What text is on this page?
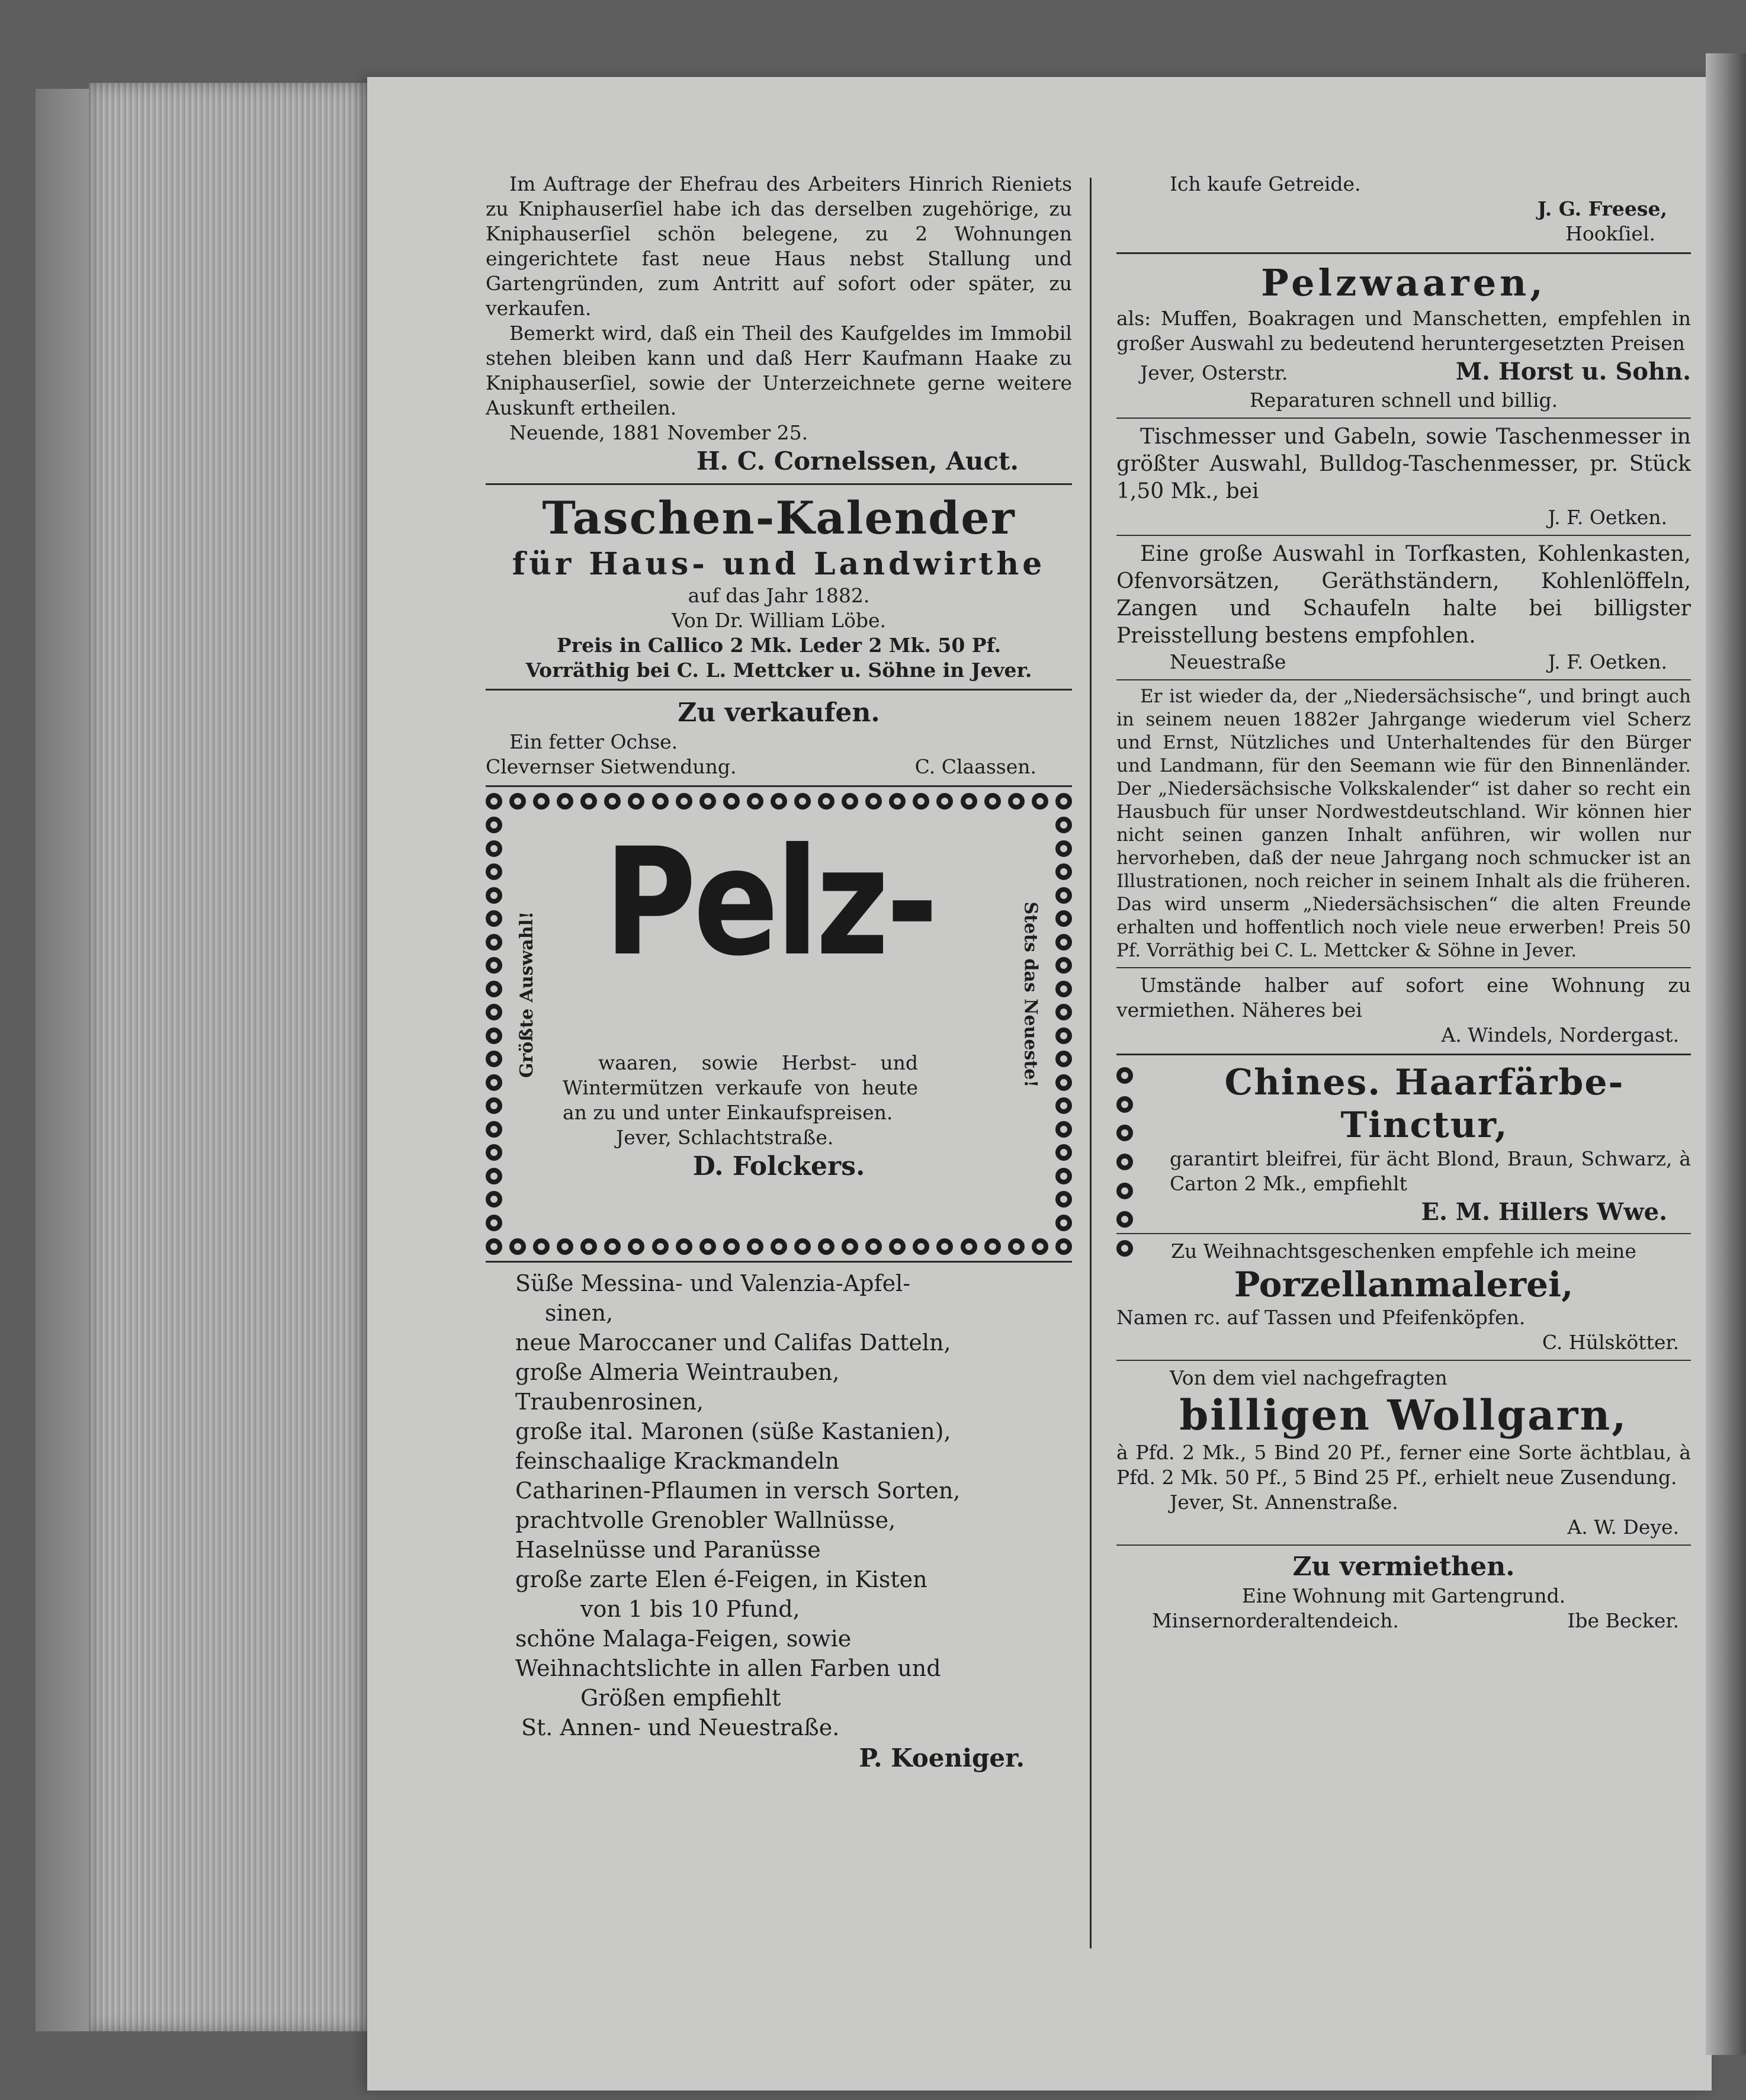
Im Auftrage der Ehefrau des Arbeiters Hinrich Rieniets zu Kniphauserſiel habe ich das derselben zugehörige, zu Kniphauserſiel schön belegene, zu 2 Wohnungen eingerichtete fast neue Haus nebst Stallung und Gartengründen, zum Antritt auf sofort oder später, zu verkaufen.

Bemerkt wird, daß ein Theil des Kaufgeldes im Immobil stehen bleiben kann und daß Herr Kaufmann Haake zu Kniphauserſiel, sowie der Unterzeichnete gerne weitere Auskunft ertheilen.

Neuende, 1881 November 25.

H. C. Cornelssen, Auct.
Taschen-Kalender
für Haus- und Landwirthe
auf das Jahr 1882.
Von Dr. William Löbe.
Preis in Callico 2 Mk. Leder 2 Mk. 50 Pf.
Vorräthig bei C. L. Mettcker u. Söhne in Jever.
Zu verkaufen.
Ein fetter Ochse.
Clevernser Sietwendung.	C. Claassen.
Größte Auswahl!	Stets das Neueste!
Pelz-
waaren, sowie Herbst- und Wintermützen verkaufe von heute an zu und unter Einkaufspreisen.
Jever, Schlachtstraße.
D. Folckers.

Süße Messina- und Valenzia-Apfel-

sinen,

neue Maroccaner und Califas Datteln,

große Almeria Weintrauben,

Traubenrosinen,

große ital. Maronen (süße Kastanien),

feinschaalige Krackmandeln

Catharinen-Pflaumen in versch Sorten,

prachtvolle Grenobler Wallnüsse,

Haselnüsse und Paranüsse

große zarte Elen é-Feigen, in Kisten

von 1 bis 10 Pfund,

schöne Malaga-Feigen, sowie

Weihnachtslichte in allen Farben und

Größen empfiehlt

St. Annen- und Neuestraße.

P. Koeniger.
Ich kaufe Getreide.
J. G. Freese,
Hookſiel.
Pelzwaaren,

als: Muffen, Boakragen und Manschetten, empfehlen in großer Auswahl zu bedeutend heruntergesetzten Preisen

Jever, Osterstr.	M. Horst u. Sohn.
Reparaturen schnell und billig.

Tischmesser und Gabeln, sowie Taschenmesser in größter Auswahl, Bulldog-Taschenmesser, pr. Stück 1,50 Mk., bei

J. F. Oetken.

Eine große Auswahl in Torfkasten, Kohlenkasten, Ofenvorsätzen, Geräthständern, Kohlenlöffeln, Zangen und Schaufeln halte bei billigster Preisstellung bestens empfohlen.

Neuestraße	J. F. Oetken.

Er ist wieder da, der „Niedersächsische“, und bringt auch in seinem neuen 1882er Jahrgange wiederum viel Scherz und Ernst, Nützliches und Unterhaltendes für den Bürger und Landmann, für den Seemann wie für den Binnenländer. Der „Niedersächsische Volkskalender“ ist daher so recht ein Hausbuch für unser Nordwestdeutschland. Wir können hier nicht seinen ganzen Inhalt anführen, wir wollen nur hervorheben, daß der neue Jahrgang noch schmucker ist an Illustrationen, noch reicher in seinem Inhalt als die früheren. Das wird unserm „Niedersächsischen“ die alten Freunde erhalten und hoffentlich noch viele neue erwerben! Preis 50 Pf. Vorräthig bei C. L. Mettcker & Söhne in Jever.

Umstände halber auf sofort eine Wohnung zu vermiethen. Näheres bei

A. Windels, Nordergast.
Chines. Haarfärbe-
Tinctur,

garantirt bleifrei, für ächt Blond, Braun, Schwarz, à Carton 2 Mk., empfiehlt

E. M. Hillers Wwe.
Zu Weihnachtsgeschenken empfehle ich meine
Porzellanmalerei,
Namen rc. auf Tassen und Pfeifenköpfen.
C. Hülskötter.
Von dem viel nachgefragten
billigen Wollgarn,

à Pfd. 2 Mk., 5 Bind 20 Pf., ferner eine Sorte ächtblau, à Pfd. 2 Mk. 50 Pf., 5 Bind 25 Pf., erhielt neue Zusendung.

Jever, St. Annenstraße.
A. W. Deye.
Zu vermiethen.
Eine Wohnung mit Gartengrund.
Minsernorderaltendeich.	Ibe Becker.
